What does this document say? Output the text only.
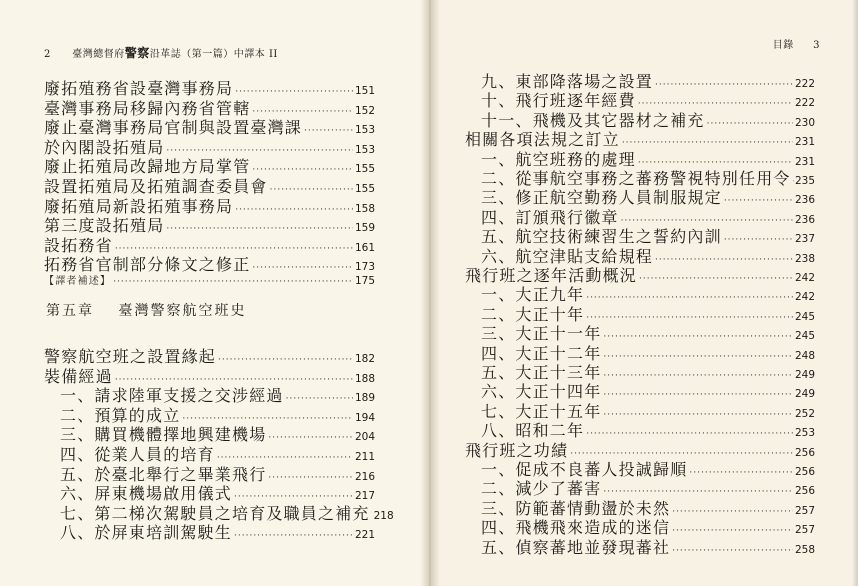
2 臺灣總督府警察沿革誌（第一篇）中譯本 II
廢拓殖務省設臺灣事務局 ·····	151
臺灣事務局移歸內務省管轄 ·····	152
廢止臺灣事務局官制與設置臺灣課 ·····	153
於內閣設拓殖局 ·····	153
廢止拓殖局改歸地方局掌管 ·····	155
設置拓殖局及拓殖調查委員會 ·····	155
廢拓殖局新設拓殖事務局 ·····	158
第三度設拓殖局 ·····	159
設拓務省 ·····	161
拓務省官制部分條文之修正 ·····	173
【譯者補述】 ·····	175
第五章 臺灣警察航空班史
警察航空班之設置緣起 ·····	182
裝備經過 ·····	188
一、請求陸軍支援之交涉經過 ·····	189
二、預算的成立 ·····	194
三、購買機體擇地興建機場 ·····	204
四、從業人員的培育 ·····	211
五、於臺北舉行之畢業飛行 ·····	216
六、屏東機場啟用儀式 ·····	217
七、第二梯次駕駛員之培育及職員之補充 218
八、於屏東培訓駕駛生 ·····	221
目錄 3
九、東部降落場之設置 ·····	222
十、飛行班逐年經費 ·····	222
十一、飛機及其它器材之補充 ·····	230
相關各項法規之訂立 ·····	231
一、航空班務的處理 ·····	231
二、從事航空事務之蕃務警視特別任用令 ····· 235
三、修正航空勤務人員制服規定 ·····	236
四、訂頒飛行徽章 ·····	236
五、航空技術練習生之誓約內訓 ·····	237
六、航空津貼支給規程 ·····	238
飛行班之逐年活動概況 ·····	242
一、大正九年 ·····	242
二、大正十年 ·····	245
三、大正十一年 ·····	245
四、大正十二年 ·····	248
五、大正十三年 ·····	249
六、大正十四年 ·····	249
七、大正十五年 ·····	252
八、昭和二年 ·····	253
飛行班之功績 ·····	256
一、促成不良蕃人投誠歸順 ·····	256
二、減少了蕃害 ·····	256
三、防範蕃情動盪於未然 ·····	257
四、飛機飛來造成的迷信 ·····	257
五、偵察蕃地並發現蕃社 ·····	258
